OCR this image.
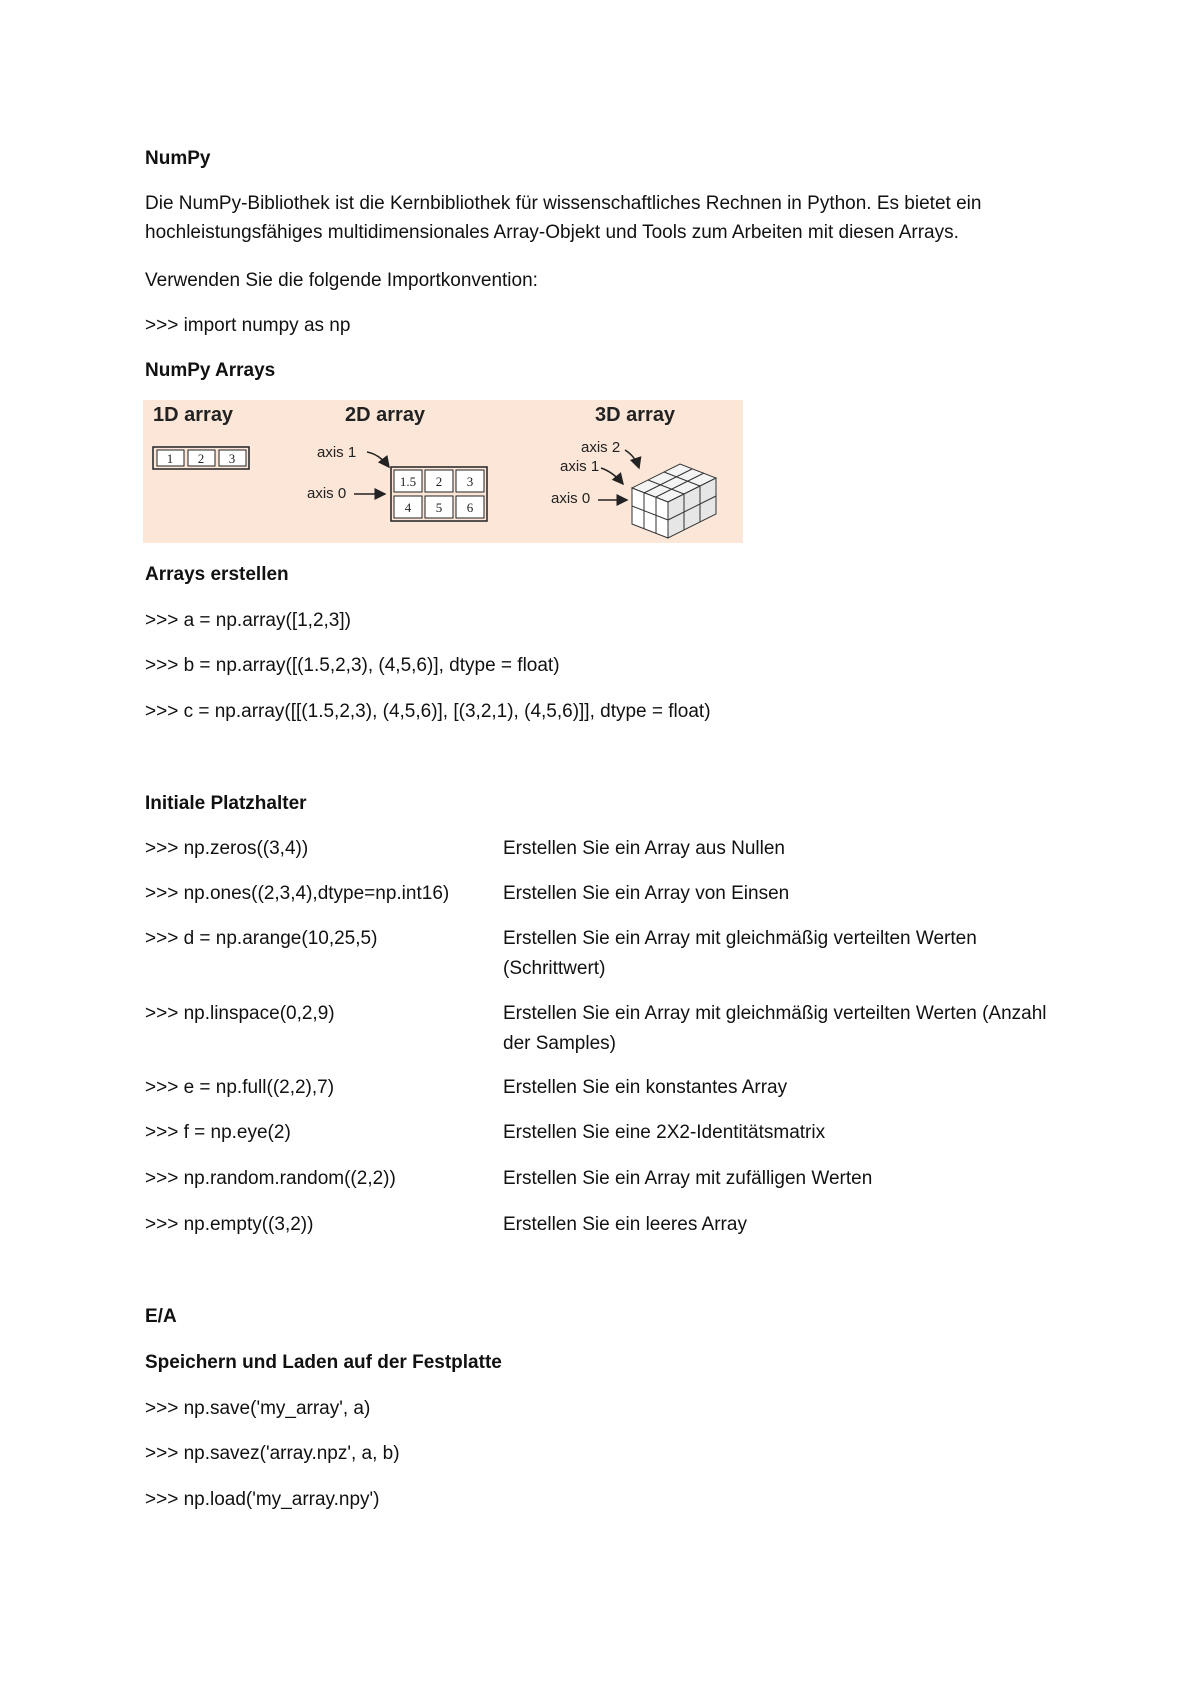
NumPy

Die NumPy-Bibliothek ist die Kernbibliothek für wissenschaftliches Rechnen in Python. Es bietet ein

hochleistungsfähiges multidimensionales Array-Objekt und Tools zum Arbeiten mit diesen Arrays.

Verwenden Sie die folgende Importkonvention:

>>> import numpy as np

NumPy Arrays

1D array
1 2 3
2D array
axis 1
axis 0
1.5 2 3
4 5 6
3D array
axis 2
axis 1
axis 0

Arrays erstellen

>>> a = np.array([1,2,3])

>>> b = np.array([(1.5,2,3), (4,5,6)], dtype = float)

>>> c = np.array([[(1.5,2,3), (4,5,6)], [(3,2,1), (4,5,6)]], dtype = float)

Initiale Platzhalter

>>> np.zeros((3,4))	Erstellen Sie ein Array aus Nullen
>>> np.ones((2,3,4),dtype=np.int16)	Erstellen Sie ein Array von Einsen
>>> d = np.arange(10,25,5)	Erstellen Sie ein Array mit gleichmäßig verteilten Werten (Schrittwert)
>>> np.linspace(0,2,9)	Erstellen Sie ein Array mit gleichmäßig verteilten Werten (Anzahl der Samples)
>>> e = np.full((2,2),7)	Erstellen Sie ein konstantes Array
>>> f = np.eye(2)	Erstellen Sie eine 2X2-Identitätsmatrix
>>> np.random.random((2,2))	Erstellen Sie ein Array mit zufälligen Werten
>>> np.empty((3,2))	Erstellen Sie ein leeres Array

E/A

Speichern und Laden auf der Festplatte

>>> np.save('my_array', a)

>>> np.savez('array.npz', a, b)

>>> np.load('my_array.npy')
